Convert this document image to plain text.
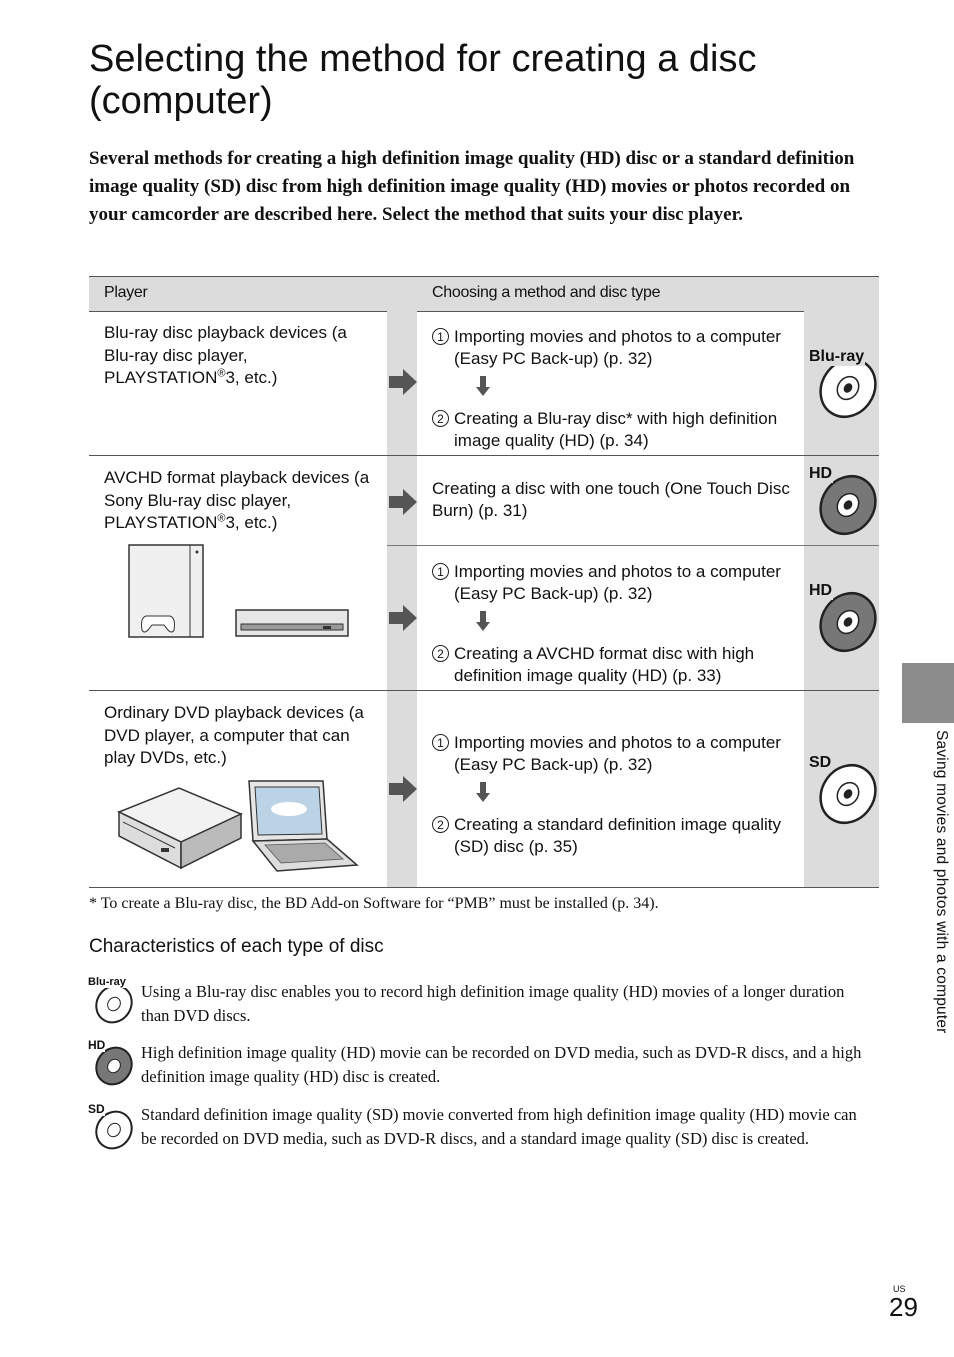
Selecting the method for creating a disc (computer)

Several methods for creating a high definition image quality (HD) disc or a standard definition image quality (SD) disc from high definition image quality (HD) movies or photos recorded on your camcorder are described here. Select the method that suits your disc player.

Player	Choosing a method and disc type
Blu-ray disc playback devices (a Blu-ray disc player, PLAYSTATION®3, etc.)
1 Importing movies and photos to a computer (Easy PC Back-up) (p. 32)
2 Creating a Blu-ray disc* with high definition image quality (HD) (p. 34)
Blu-ray
AVCHD format playback devices (a Sony Blu-ray disc player, PLAYSTATION®3, etc.)
Creating a disc with one touch (One Touch Disc Burn) (p. 31)
HD
1 Importing movies and photos to a computer (Easy PC Back-up) (p. 32)
2 Creating a AVCHD format disc with high definition image quality (HD) (p. 33)
HD
Ordinary DVD playback devices (a DVD player, a computer that can play DVDs, etc.)
1 Importing movies and photos to a computer (Easy PC Back-up) (p. 32)
2 Creating a standard definition image quality (SD) disc (p. 35)
SD
* To create a Blu-ray disc, the BD Add-on Software for “PMB” must be installed (p. 34).
Characteristics of each type of disc
Blu-ray Using a Blu-ray disc enables you to record high definition image quality (HD) movies of a longer duration than DVD discs.
HD High definition image quality (HD) movie can be recorded on DVD media, such as DVD-R discs, and a high definition image quality (HD) disc is created.
SD Standard definition image quality (SD) movie converted from high definition image quality (HD) movie can be recorded on DVD media, such as DVD-R discs, and a standard image quality (SD) disc is created.
Saving movies and photos with a computer
US
29
